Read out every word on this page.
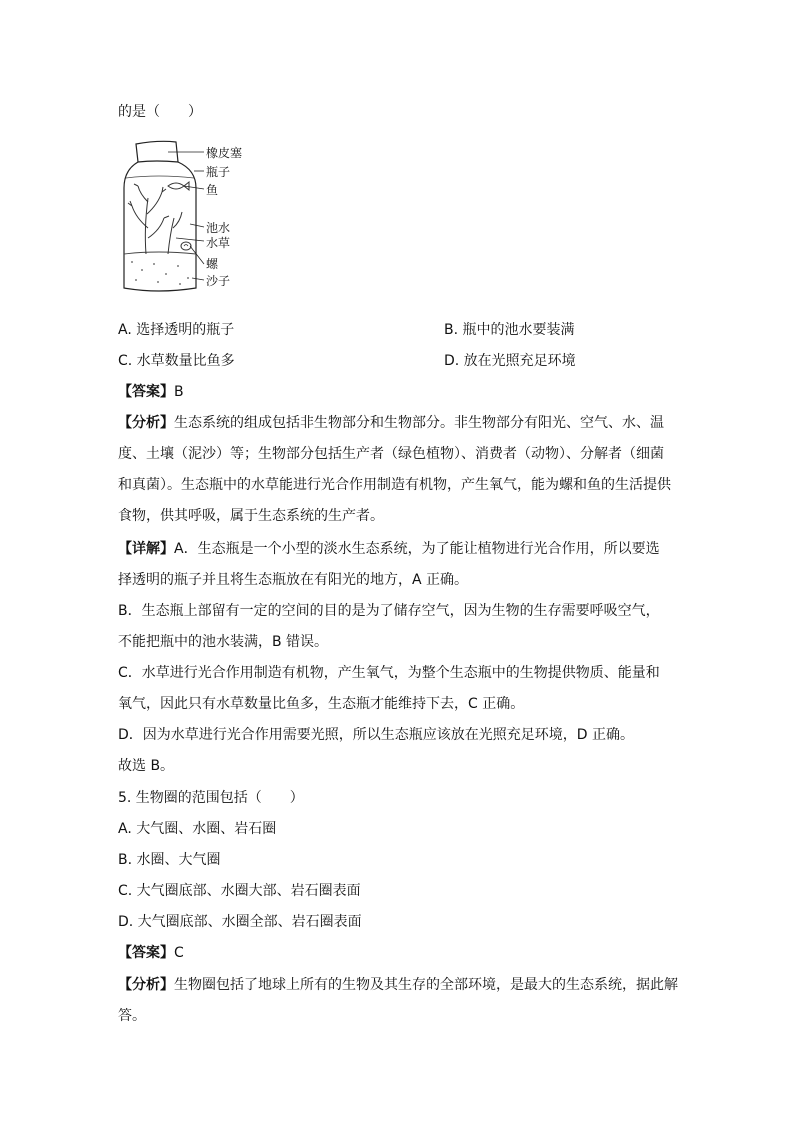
的是（　　）
橡皮塞
瓶子
鱼
池水
水草
螺
沙子
A. 选择透明的瓶子	B. 瓶中的池水要装满
C. 水草数量比鱼多	D. 放在光照充足环境
【答案】B
【分析】生态系统的组成包括非生物部分和生物部分。非生物部分有阳光、空气、水、温
度、土壤（泥沙）等；生物部分包括生产者（绿色植物）、消费者（动物）、分解者（细菌
和真菌）。生态瓶中的水草能进行光合作用制造有机物，产生氧气，能为螺和鱼的生活提供
食物，供其呼吸，属于生态系统的生产者。
【详解】A．生态瓶是一个小型的淡水生态系统，为了能让植物进行光合作用，所以要选
择透明的瓶子并且将生态瓶放在有阳光的地方，A 正确。
B．生态瓶上部留有一定的空间的目的是为了储存空气，因为生物的生存需要呼吸空气，
不能把瓶中的池水装满，B 错误。
C．水草进行光合作用制造有机物，产生氧气，为整个生态瓶中的生物提供物质、能量和
氧气，因此只有水草数量比鱼多，生态瓶才能维持下去，C 正确。
D．因为水草进行光合作用需要光照，所以生态瓶应该放在光照充足环境，D 正确。
故选 B。
5. 生物圈的范围包括（　　）
A. 大气圈、水圈、岩石圈
B. 水圈、大气圈
C. 大气圈底部、水圈大部、岩石圈表面
D. 大气圈底部、水圈全部、岩石圈表面
【答案】C
【分析】生物圈包括了地球上所有的生物及其生存的全部环境，是最大的生态系统，据此解
答。
